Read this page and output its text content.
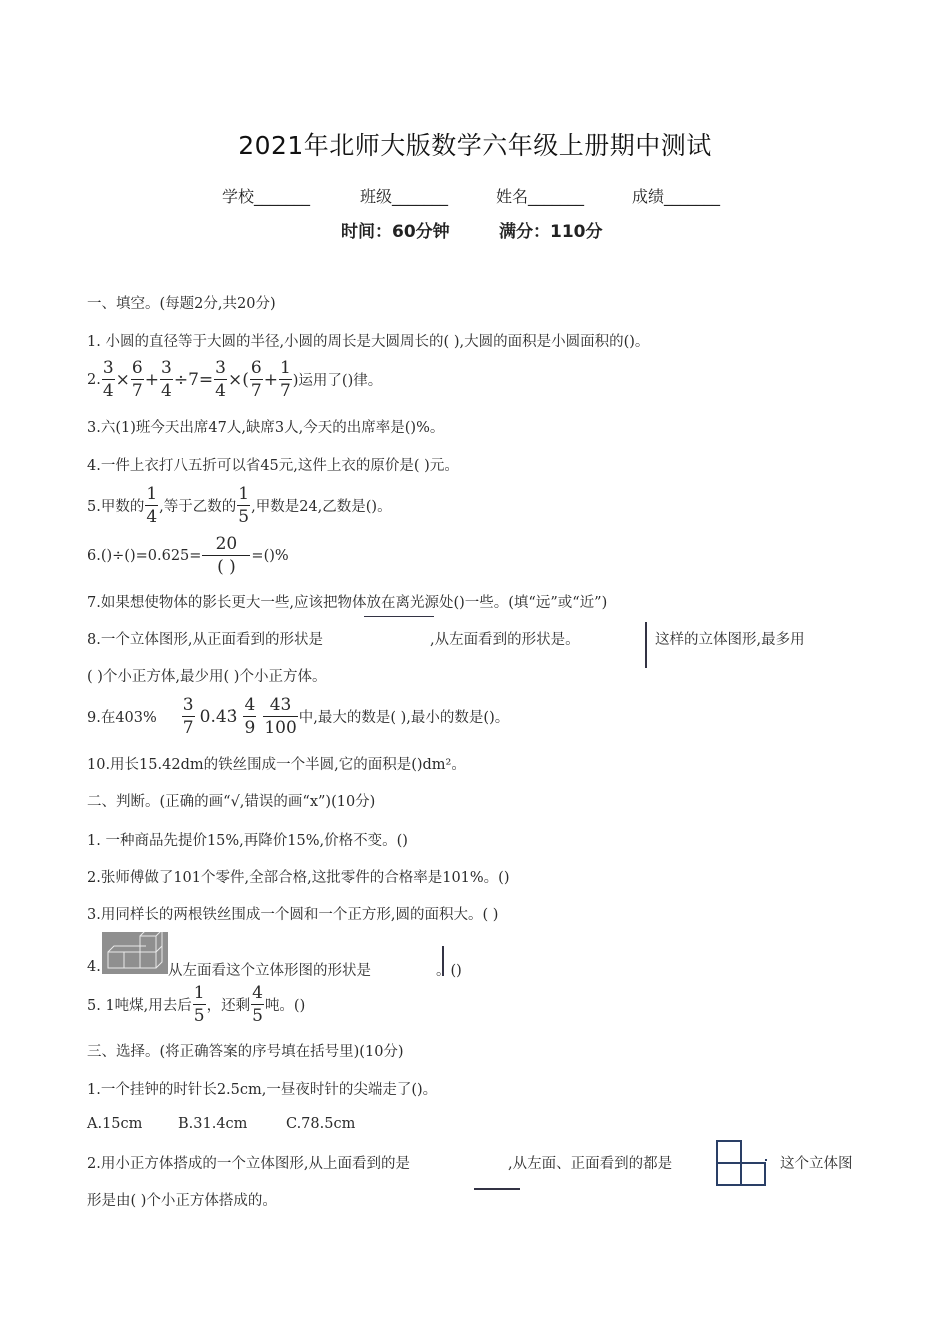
2021年北师大版数学六年级上册期中测试
学校_______	班级_______	姓名_______	成绩_______
时间：60分钟	满分：110分
一、填空。(每题2分,共20分)
1. 小圆的直径等于大圆的半径,小圆的周长是大圆周长的( ),大圆的面积是小圆面积的()。
2. $\frac{3}{4} \times \frac{6}{7} + \frac{3}{4} \div 7= \frac{3}{4}$ ×( $\frac{6}{7} + \frac{1}{7}$ )运用了()律。
3.六(1)班今天出席47人,缺席3人,今天的出席率是()%。
4.一件上衣打八五折可以省45元,这件上衣的原价是( )元。
5.甲数的 $\frac{1}{4}$ ,等于乙数的 $\frac{1}{5}$ ,甲数是24,乙数是()。
$6.()\div()=0.625= \frac{20}{( )}$ =()%
7.如果想使物体的影长更大一些,应该把物体放在离光源处()一些。(填“远”或“近”)
8.一个立体图形,从正面看到的形状是	,从左面看到的形状是。	这样的立体图形,最多用
( )个小正方体,最少用( )个小正方体。
9.在$403\% \frac{3}{7}$ 0.43̇ $\frac{4}{9} \frac{43}{100}$ 中,最大的数是( ),最小的数是()。
10.用长15.42dm的铁丝围成一个半圆,它的面积是()dm²。
二、判断。(正确的画“√,错误的画“x”)(10分)
1. 一种商品先提价15%,再降价15%,价格不变。()
2.张师傅做了101个零件,全部合格,这批零件的合格率是101%。()
3.用同样长的两根铁丝围成一个圆和一个正方形,圆的面积大。( )
4.	从左面看这个立体形图的形状是	。()
5. 1吨煤,用去后 $\frac{1}{5}$ ，还剩 $\frac{4}{5}$ 吨。()
三、选择。(将正确答案的序号填在括号里)(10分)
1.一个挂钟的时针长2.5cm,一昼夜时针的尖端走了()。
A.15cm B.31.4cm	C.78.5cm
2.用小正方体搭成的一个立体图形,从上面看到的是	,从左面、正面看到的都是	这个立体图
形是由( )个小正方体搭成的。
